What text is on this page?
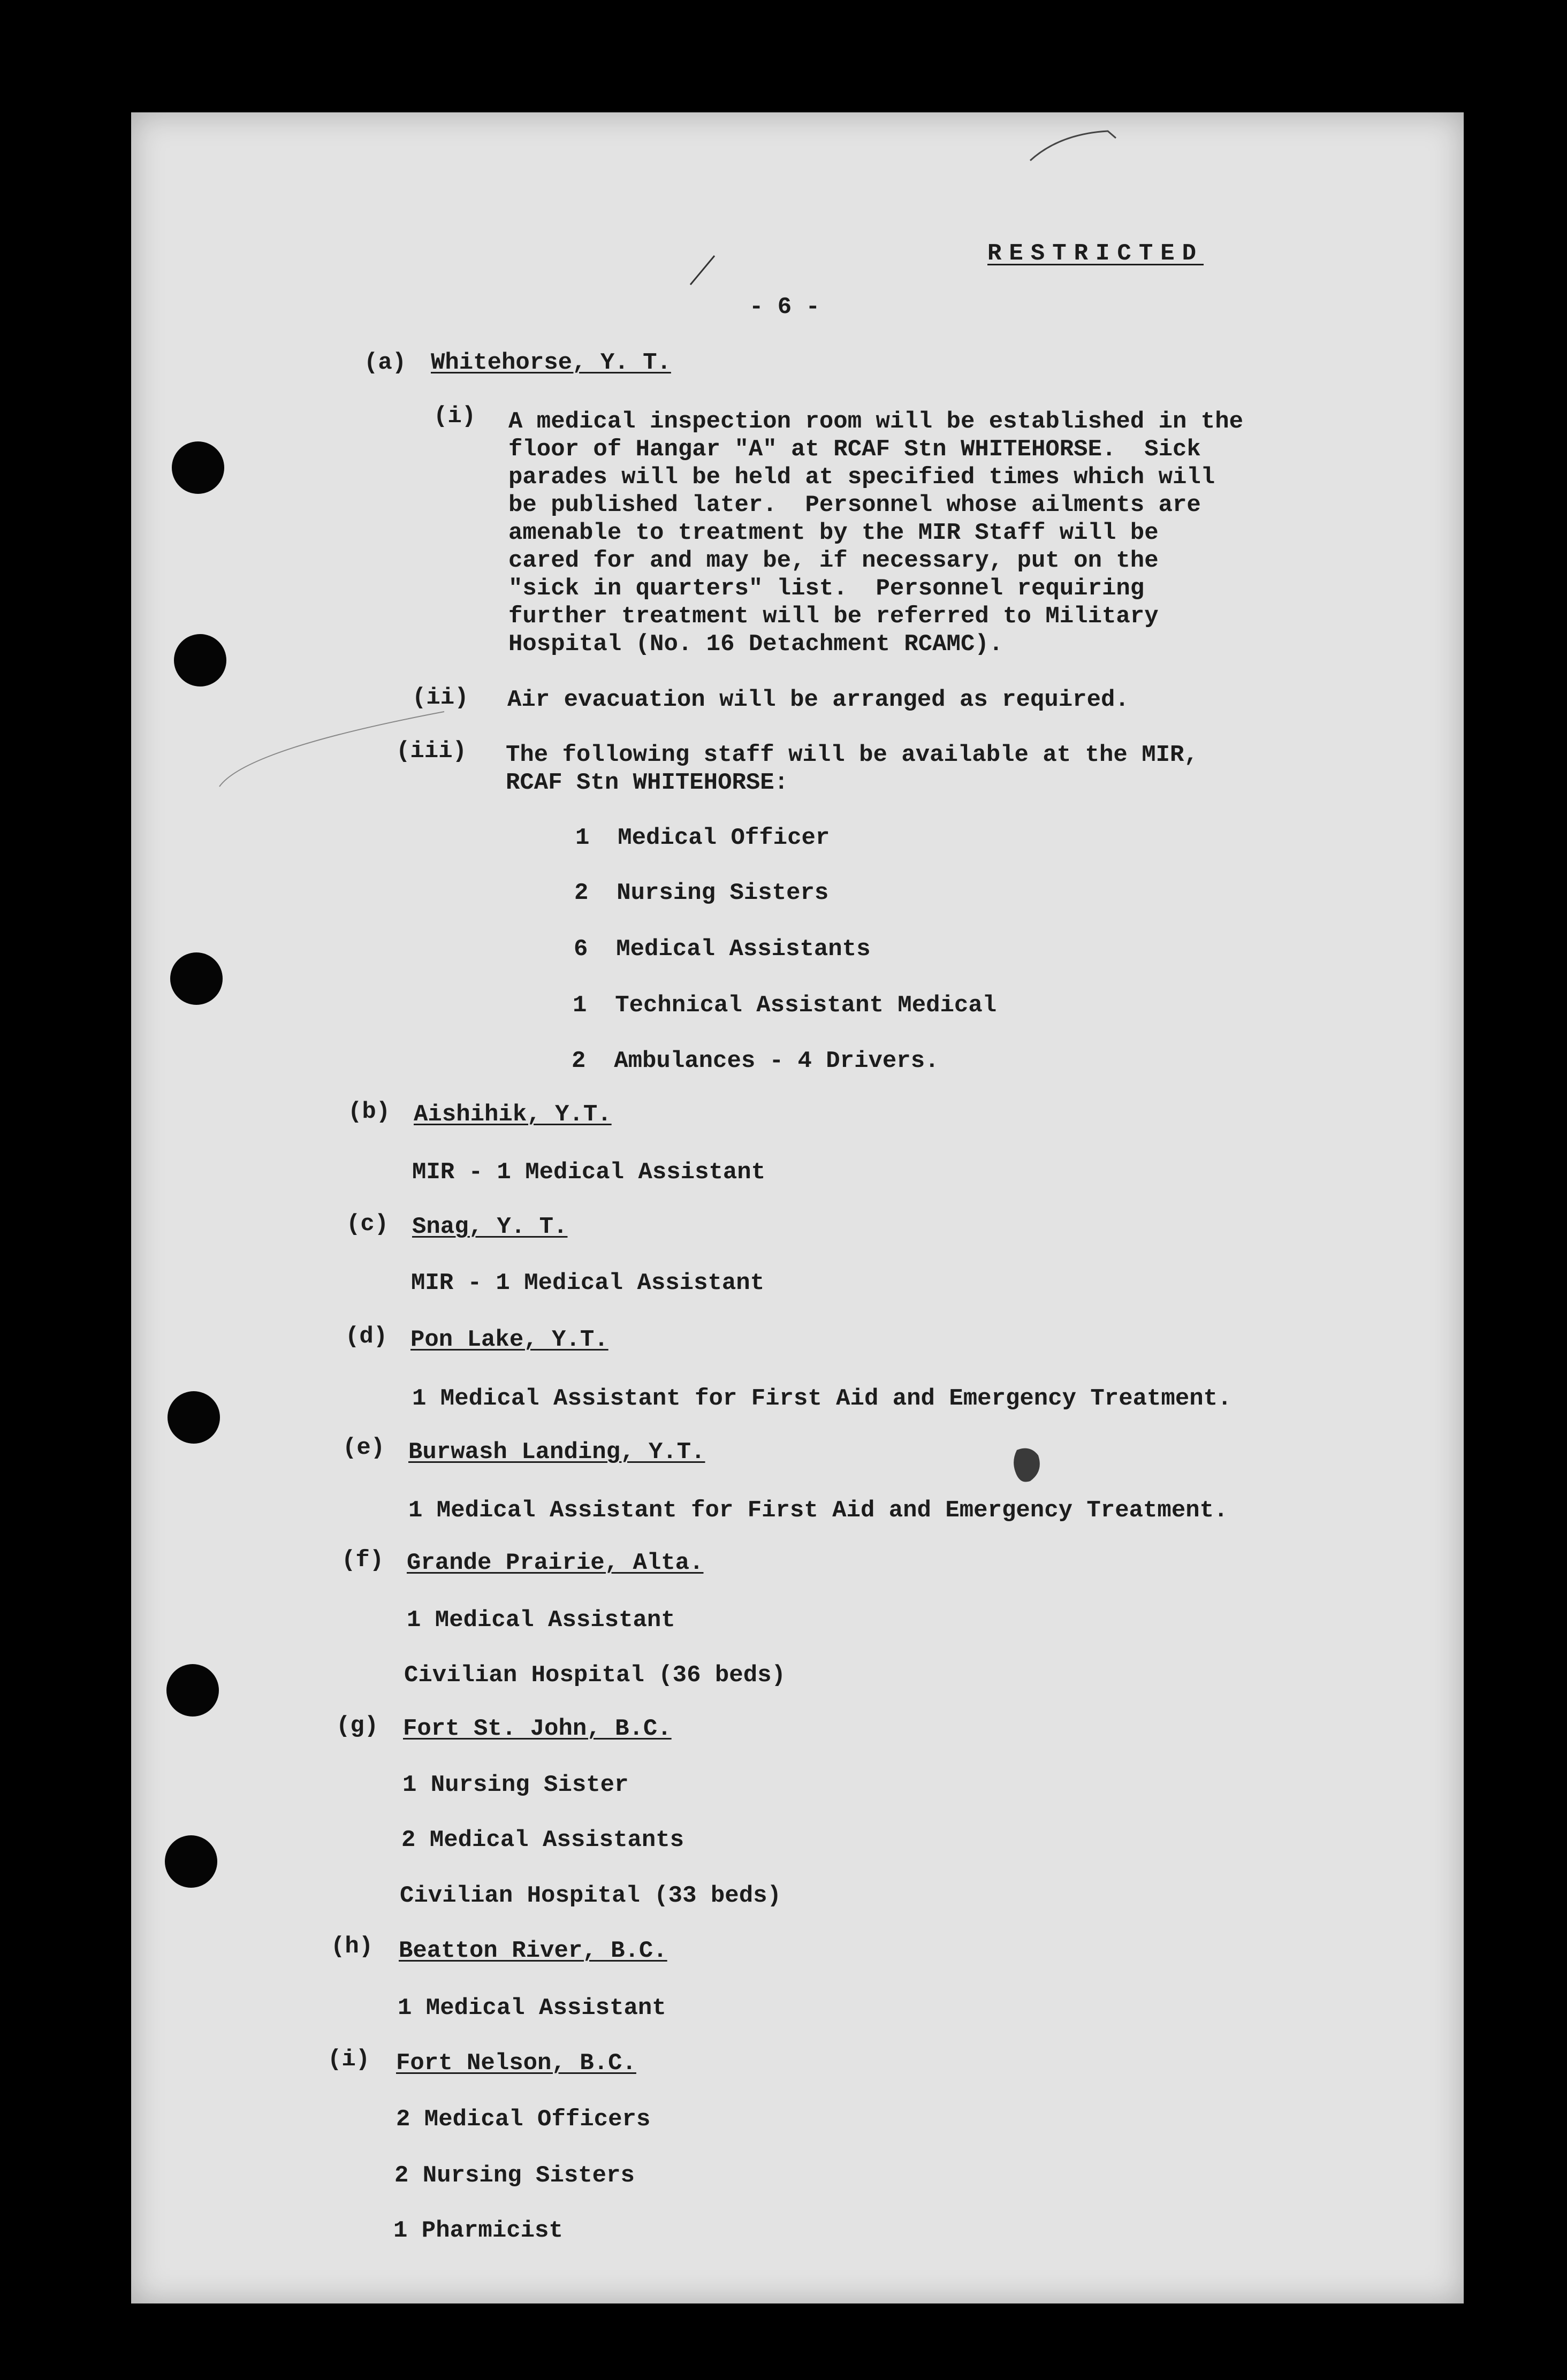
RESTRICTED
- 6 -
(a) Whitehorse, Y. T.
(i) A medical inspection room will be established in the
floor of Hangar "A" at RCAF Stn WHITEHORSE.  Sick
parades will be held at specified times which will
be published later.  Personnel whose ailments are
amenable to treatment by the MIR Staff will be
cared for and may be, if necessary, put on the
"sick in quarters" list.  Personnel requiring
further treatment will be referred to Military
Hospital (No. 16 Detachment RCAMC).
(ii) Air evacuation will be arranged as required.
(iii) The following staff will be available at the MIR,
RCAF Stn WHITEHORSE:
1  Medical Officer
2  Nursing Sisters
6  Medical Assistants
1  Technical Assistant Medical
2  Ambulances - 4 Drivers.
(b) Aishihik, Y.T.
MIR - 1 Medical Assistant
(c) Snag, Y. T.
MIR - 1 Medical Assistant
(d) Pon Lake, Y.T.
1 Medical Assistant for First Aid and Emergency Treatment.
(e) Burwash Landing, Y.T.
1 Medical Assistant for First Aid and Emergency Treatment.
(f) Grande Prairie, Alta.
1 Medical Assistant
Civilian Hospital (36 beds)
(g) Fort St. John, B.C.
1 Nursing Sister
2 Medical Assistants
Civilian Hospital (33 beds)
(h) Beatton River, B.C.
1 Medical Assistant
(i) Fort Nelson, B.C.
2 Medical Officers
2 Nursing Sisters
1 Pharmicist
